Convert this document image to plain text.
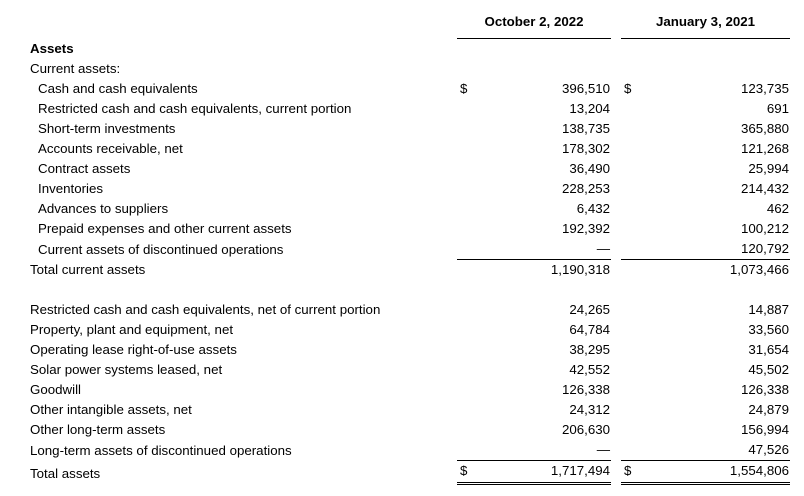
	October 2, 2022			January 3, 2021	
Assets					
Current assets:					
Cash and cash equivalents	$	396,510		$	123,735
Restricted cash and cash equivalents, current portion		13,204			691
Short-term investments		138,735			365,880
Accounts receivable, net		178,302			121,268
Contract assets		36,490			25,994
Inventories		228,253			214,432
Advances to suppliers		6,432			462
Prepaid expenses and other current assets		192,392			100,212
Current assets of discontinued operations		—			120,792
Total current assets		1,190,318			1,073,466

Restricted cash and cash equivalents, net of current portion		24,265			14,887
Property, plant and equipment, net		64,784			33,560
Operating lease right-of-use assets		38,295			31,654
Solar power systems leased, net		42,552			45,502
Goodwill		126,338			126,338
Other intangible assets, net		24,312			24,879
Other long-term assets		206,630			156,994
Long-term assets of discontinued operations		—			47,526
Total assets	$	1,717,494		$	1,554,806
